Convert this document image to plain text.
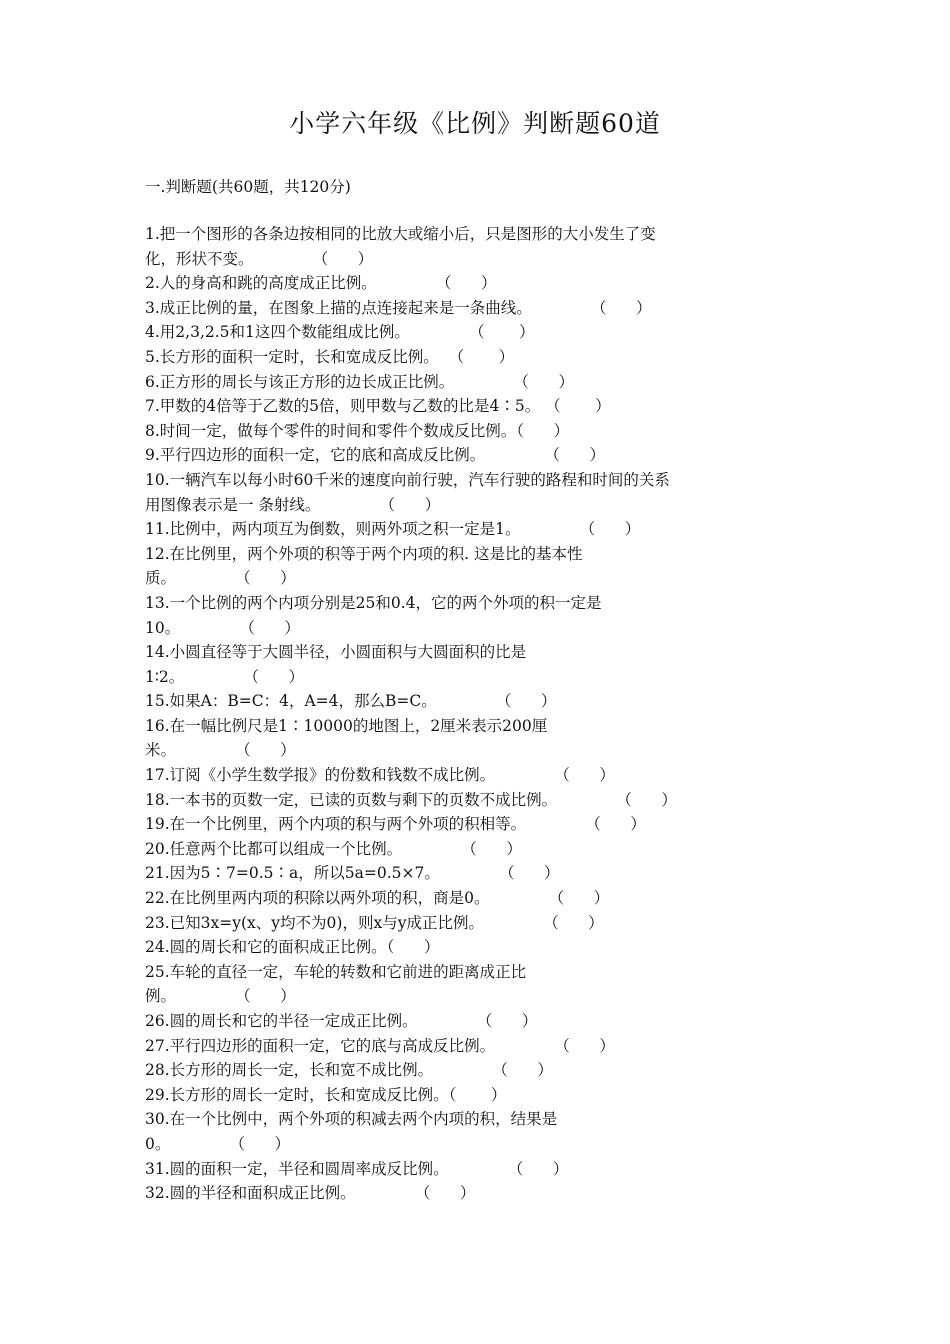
小学六年级《比例》判断题60道
一.判断题(共60题，共120分)
1.把一个图形的各条边按相同的比放大或缩小后，只是图形的大小发生了变
化，形状不变。            （      ）
2.人的身高和跳的高度成正比例。            （      ）
3.成正比例的量，在图象上描的点连接起来是一条曲线。            （      ）
4.用2,3,2.5和1这四个数能组成比例。            （       ）
5.长方形的面积一定时，长和宽成反比例。  （       ）
6.正方形的周长与该正方形的边长成正比例。            （      ）
7.甲数的4倍等于乙数的5倍，则甲数与乙数的比是4∶5。 （       ）
8.时间一定，做每个零件的时间和零件个数成反比例。（      ）
9.平行四边形的面积一定，它的底和高成反比例。            （      ）
10.一辆汽车以每小时60千米的速度向前行驶，汽车行驶的路程和时间的关系
用图像表示是一 条射线。            （      ）
11.比例中，两内项互为倒数，则两外项之积一定是1。            （      ）
12.在比例里，两个外项的积等于两个内项的积. 这是比的基本性
质。            （      ）
13.一个比例的两个内项分别是25和0.4，它的两个外项的积一定是
10。            （      ）
14.小圆直径等于大圆半径，小圆面积与大圆面积的比是
1∶2。            （      ）
15.如果A：B=C：4，A=4，那么B=C。            （      ）
16.在一幅比例尺是1∶10000的地图上，2厘米表示200厘
米。            （      ）
17.订阅《小学生数学报》的份数和钱数不成比例。            （      ）
18.一本书的页数一定，已读的页数与剩下的页数不成比例。            （      ）
19.在一个比例里，两个内项的积与两个外项的积相等。            （      ）
20.任意两个比都可以组成一个比例。            （      ）
21.因为5∶7=0.5∶a，所以5a=0.5×7。            （      ）
22.在比例里两内项的积除以两外项的积，商是0。            （      ）
23.已知3x=y(x、y均不为0)，则x与y成正比例。            （      ）
24.圆的周长和它的面积成正比例。（      ）
25.车轮的直径一定，车轮的转数和它前进的距离成正比
例。            （      ）
26.圆的周长和它的半径一定成正比例。            （      ）
27.平行四边形的面积一定，它的底与高成反比例。            （      ）
28.长方形的周长一定，长和宽不成比例。            （      ）
29.长方形的周长一定时，长和宽成反比例。（       ）
30.在一个比例中，两个外项的积减去两个内项的积，结果是
0。            （      ）
31.圆的面积一定，半径和圆周率成反比例。            （      ）
32.圆的半径和面积成正比例。            （      ）
